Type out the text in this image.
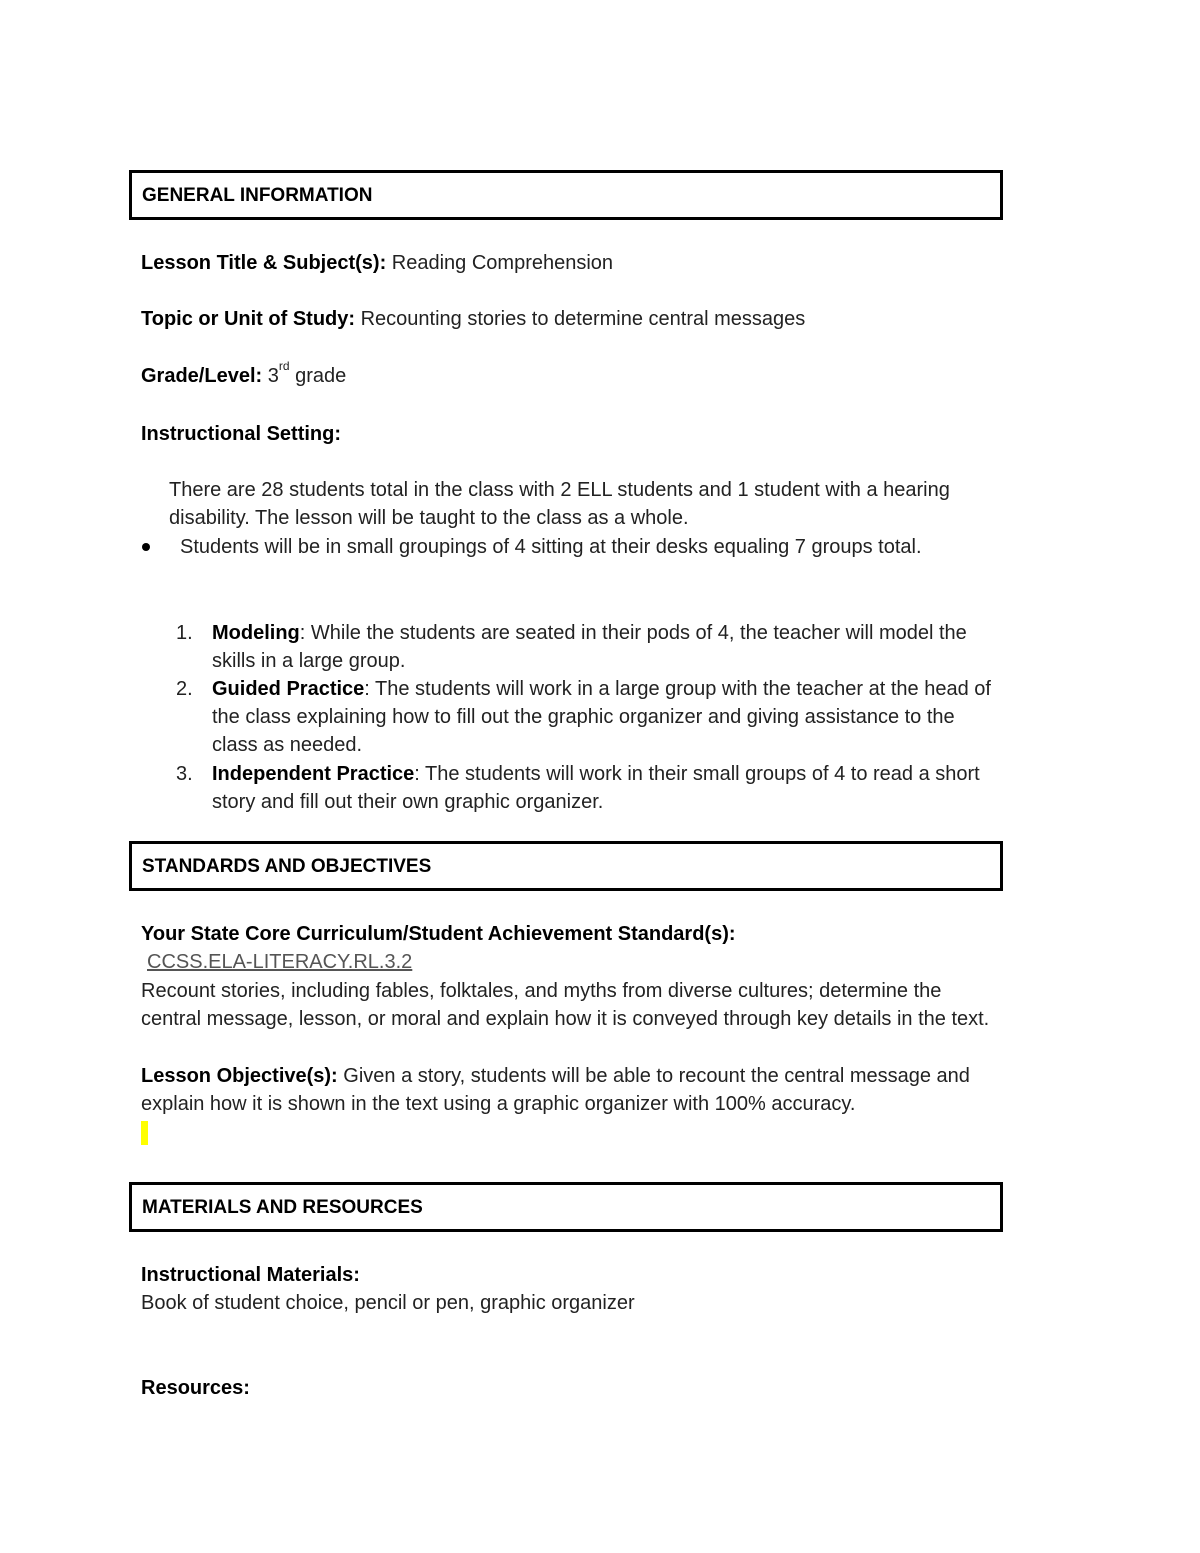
GENERAL INFORMATION
Lesson Title & Subject(s): Reading Comprehension
Topic or Unit of Study: Recounting stories to determine central messages
Grade/Level: 3rd grade
Instructional Setting:
There are 28 students total in the class with 2 ELL students and 1 student with a hearing
disability. The lesson will be taught to the class as a whole.
Students will be in small groupings of 4 sitting at their desks equaling 7 groups total.
1. Modeling: While the students are seated in their pods of 4, the teacher will model the
skills in a large group.
2. Guided Practice: The students will work in a large group with the teacher at the head of
the class explaining how to fill out the graphic organizer and giving assistance to the
class as needed.
3. Independent Practice: The students will work in their small groups of 4 to read a short
story and fill out their own graphic organizer.
STANDARDS AND OBJECTIVES
Your State Core Curriculum/Student Achievement Standard(s):
CCSS.ELA-LITERACY.RL.3.2
Recount stories, including fables, folktales, and myths from diverse cultures; determine the
central message, lesson, or moral and explain how it is conveyed through key details in the text.
Lesson Objective(s): Given a story, students will be able to recount the central message and
explain how it is shown in the text using a graphic organizer with 100% accuracy.
MATERIALS AND RESOURCES
Instructional Materials:
Book of student choice, pencil or pen, graphic organizer
Resources:
